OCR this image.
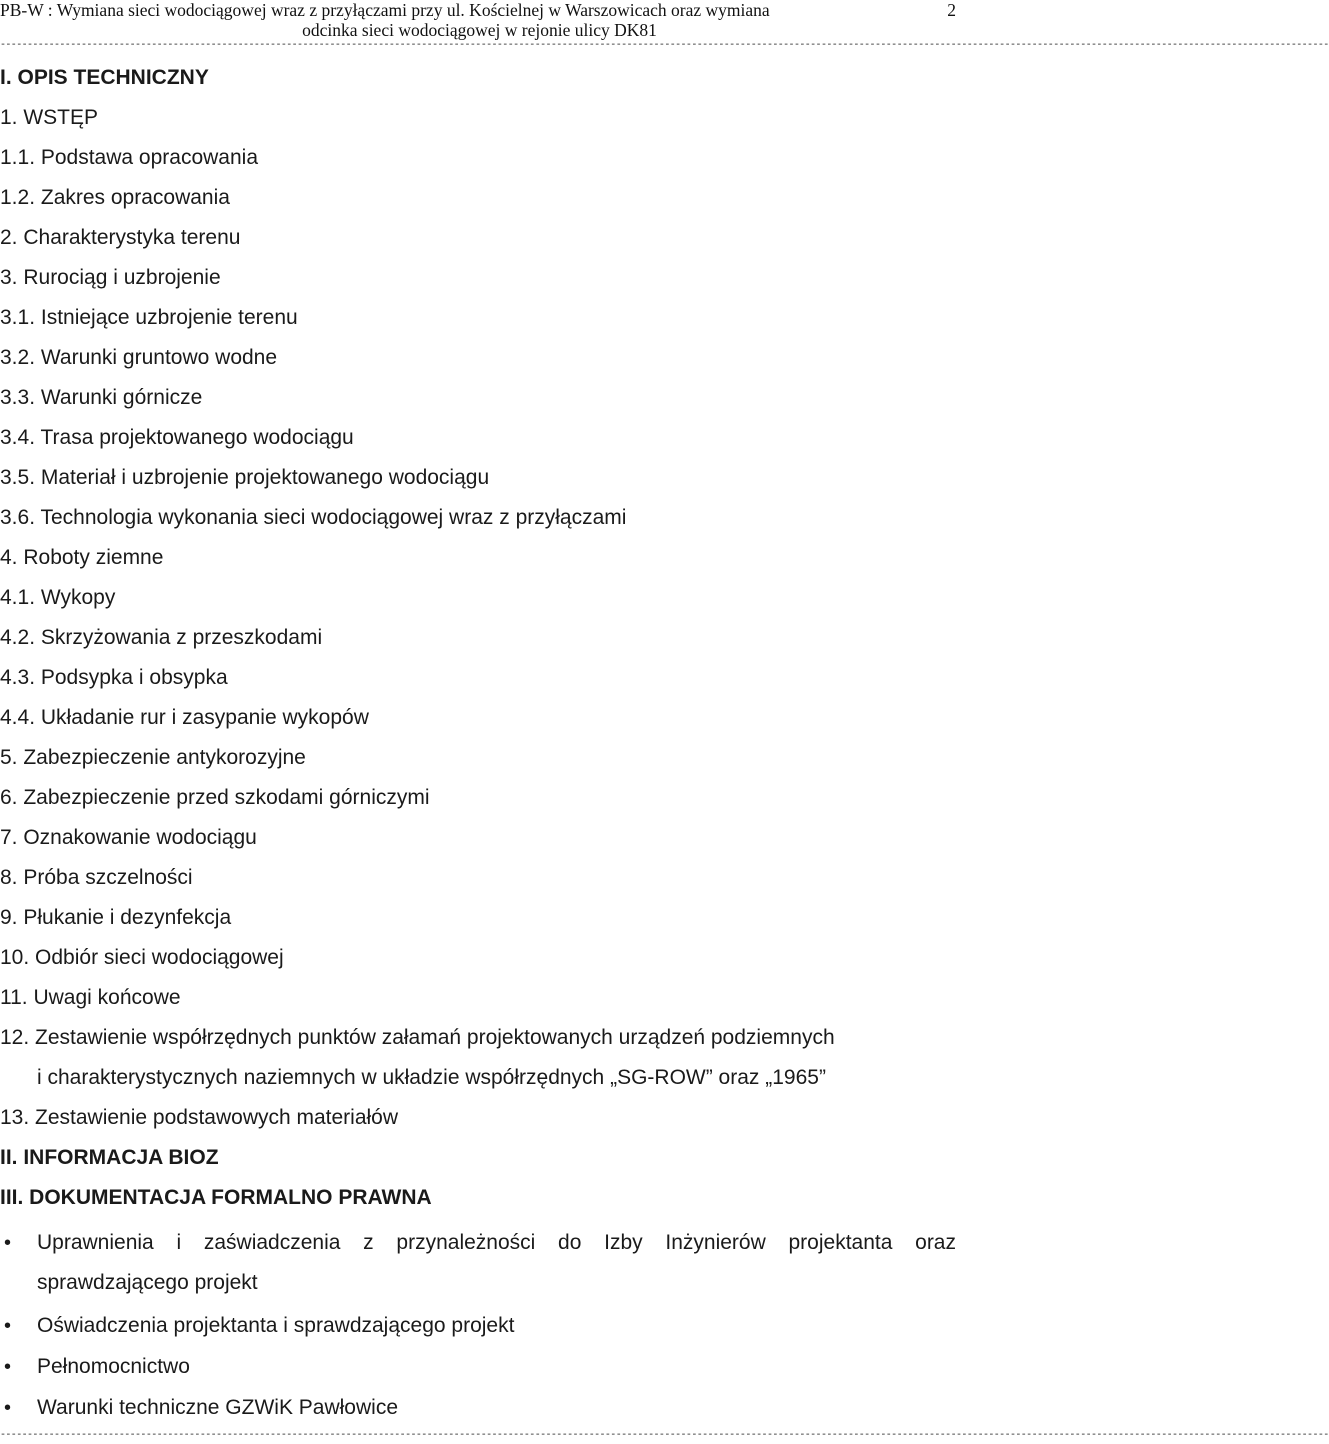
PB-W : Wymiana sieci wodociągowej wraz z przyłączami przy ul. Kościelnej w Warszowicach oraz wymiana
odcinka sieci wodociągowej w rejonie ulicy DK81
2
------------------------------------------------------------------------------------------------------------------------------------------------------------------------------------------------------------------------------------------------------
I. OPIS TECHNICZNY
1. WSTĘP
1.1. Podstawa opracowania
1.2. Zakres opracowania
2. Charakterystyka terenu
3. Rurociąg i uzbrojenie
3.1. Istniejące uzbrojenie terenu
3.2. Warunki gruntowo wodne
3.3. Warunki górnicze
3.4. Trasa projektowanego wodociągu
3.5. Materiał i uzbrojenie projektowanego wodociągu
3.6. Technologia wykonania sieci wodociągowej wraz z przyłączami
4. Roboty ziemne
4.1. Wykopy
4.2. Skrzyżowania z przeszkodami
4.3. Podsypka i obsypka
4.4. Układanie rur i zasypanie wykopów
5. Zabezpieczenie antykorozyjne
6. Zabezpieczenie przed szkodami górniczymi
7. Oznakowanie wodociągu
8. Próba szczelności
9. Płukanie i dezynfekcja
10. Odbiór sieci wodociągowej
11. Uwagi końcowe
12. Zestawienie współrzędnych punktów załamań projektowanych urządzeń podziemnych
i charakterystycznych naziemnych w układzie współrzędnych „SG-ROW” oraz „1965”
13. Zestawienie podstawowych materiałów
II. INFORMACJA BIOZ
III. DOKUMENTACJA FORMALNO PRAWNA
• Uprawnienia i zaświadczenia z przynależności do Izby Inżynierów projektanta oraz
sprawdzającego projekt
• Oświadczenia projektanta i sprawdzającego projekt
• Pełnomocnictwo
• Warunki techniczne GZWiK Pawłowice
------------------------------------------------------------------------------------------------------------------------------------------------------------------------------------------------------------------------------------------------------
